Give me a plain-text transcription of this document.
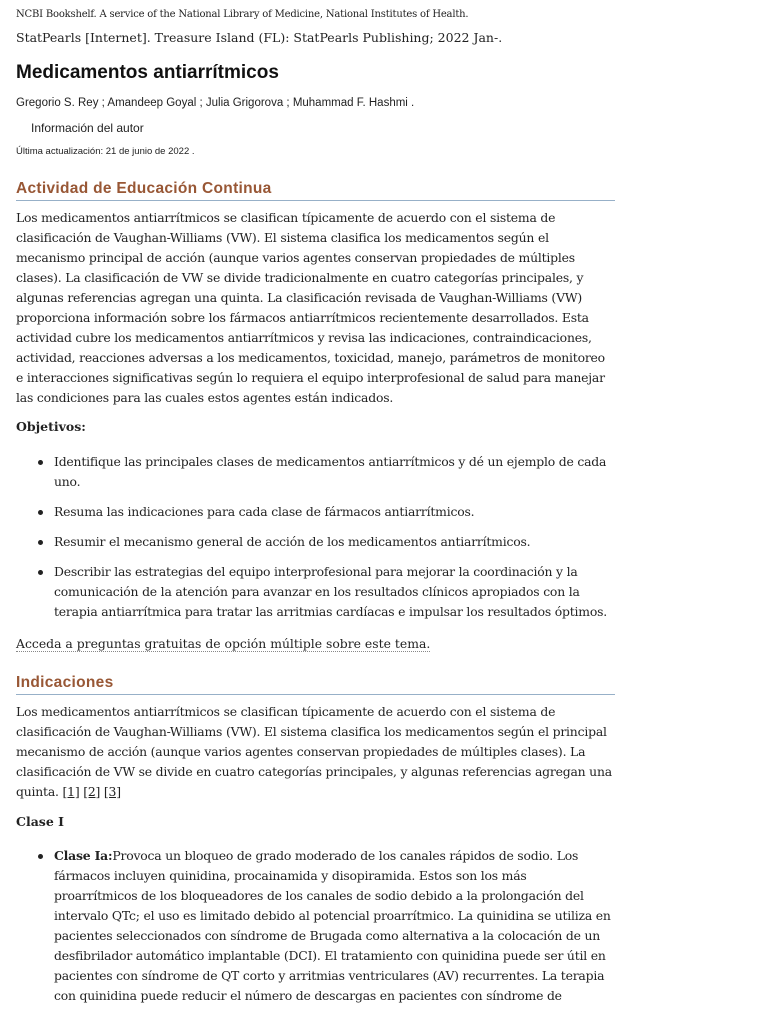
NCBI Bookshelf. A service of the National Library of Medicine, National Institutes of Health.
StatPearls [Internet]. Treasure Island (FL): StatPearls Publishing; 2022 Jan-.
Medicamentos antiarrítmicos
Gregorio S. Rey ; Amandeep Goyal ; Julia Grigorova ; Muhammad F. Hashmi .
Información del autor
Última actualización: 21 de junio de 2022 .
Actividad de Educación Continua

Los medicamentos antiarrítmicos se clasifican típicamente de acuerdo con el sistema de clasificación de Vaughan-Williams (VW). El sistema clasifica los medicamentos según el mecanismo principal de acción (aunque varios agentes conservan propiedades de múltiples clases). La clasificación de VW se divide tradicionalmente en cuatro categorías principales, y algunas referencias agregan una quinta. La clasificación revisada de Vaughan-Williams (VW) proporciona información sobre los fármacos antiarrítmicos recientemente desarrollados. Esta actividad cubre los medicamentos antiarrítmicos y revisa las indicaciones, contraindicaciones, actividad, reacciones adversas a los medicamentos, toxicidad, manejo, parámetros de monitoreo e interacciones significativas según lo requiera el equipo interprofesional de salud para manejar las condiciones para las cuales estos agentes están indicados.

Objetivos:

Identifique las principales clases de medicamentos antiarrítmicos y dé un ejemplo de cada uno.
Resuma las indicaciones para cada clase de fármacos antiarrítmicos.
Resumir el mecanismo general de acción de los medicamentos antiarrítmicos.
Describir las estrategias del equipo interprofesional para mejorar la coordinación y la comunicación de la atención para avanzar en los resultados clínicos apropiados con la terapia antiarrítmica para tratar las arritmias cardíacas e impulsar los resultados óptimos.
Acceda a preguntas gratuitas de opción múltiple sobre este tema.
Indicaciones

Los medicamentos antiarrítmicos se clasifican típicamente de acuerdo con el sistema de clasificación de Vaughan-Williams (VW). El sistema clasifica los medicamentos según el principal mecanismo de acción (aunque varios agentes conservan propiedades de múltiples clases). La clasificación de VW se divide en cuatro categorías principales, y algunas referencias agregan una quinta. [1] [2] [3]

Clase I

Clase Ia:Provoca un bloqueo de grado moderado de los canales rápidos de sodio. Los fármacos incluyen quinidina, procainamida y disopiramida. Estos son los más proarrítmicos de los bloqueadores de los canales de sodio debido a la prolongación del intervalo QTc; el uso es limitado debido al potencial proarrítmico. La quinidina se utiliza en pacientes seleccionados con síndrome de Brugada como alternativa a la colocación de un desfibrilador automático implantable (DCI). El tratamiento con quinidina puede ser útil en pacientes con síndrome de QT corto y arritmias ventriculares (AV) recurrentes. La terapia con quinidina puede reducir el número de descargas en pacientes con síndrome de
